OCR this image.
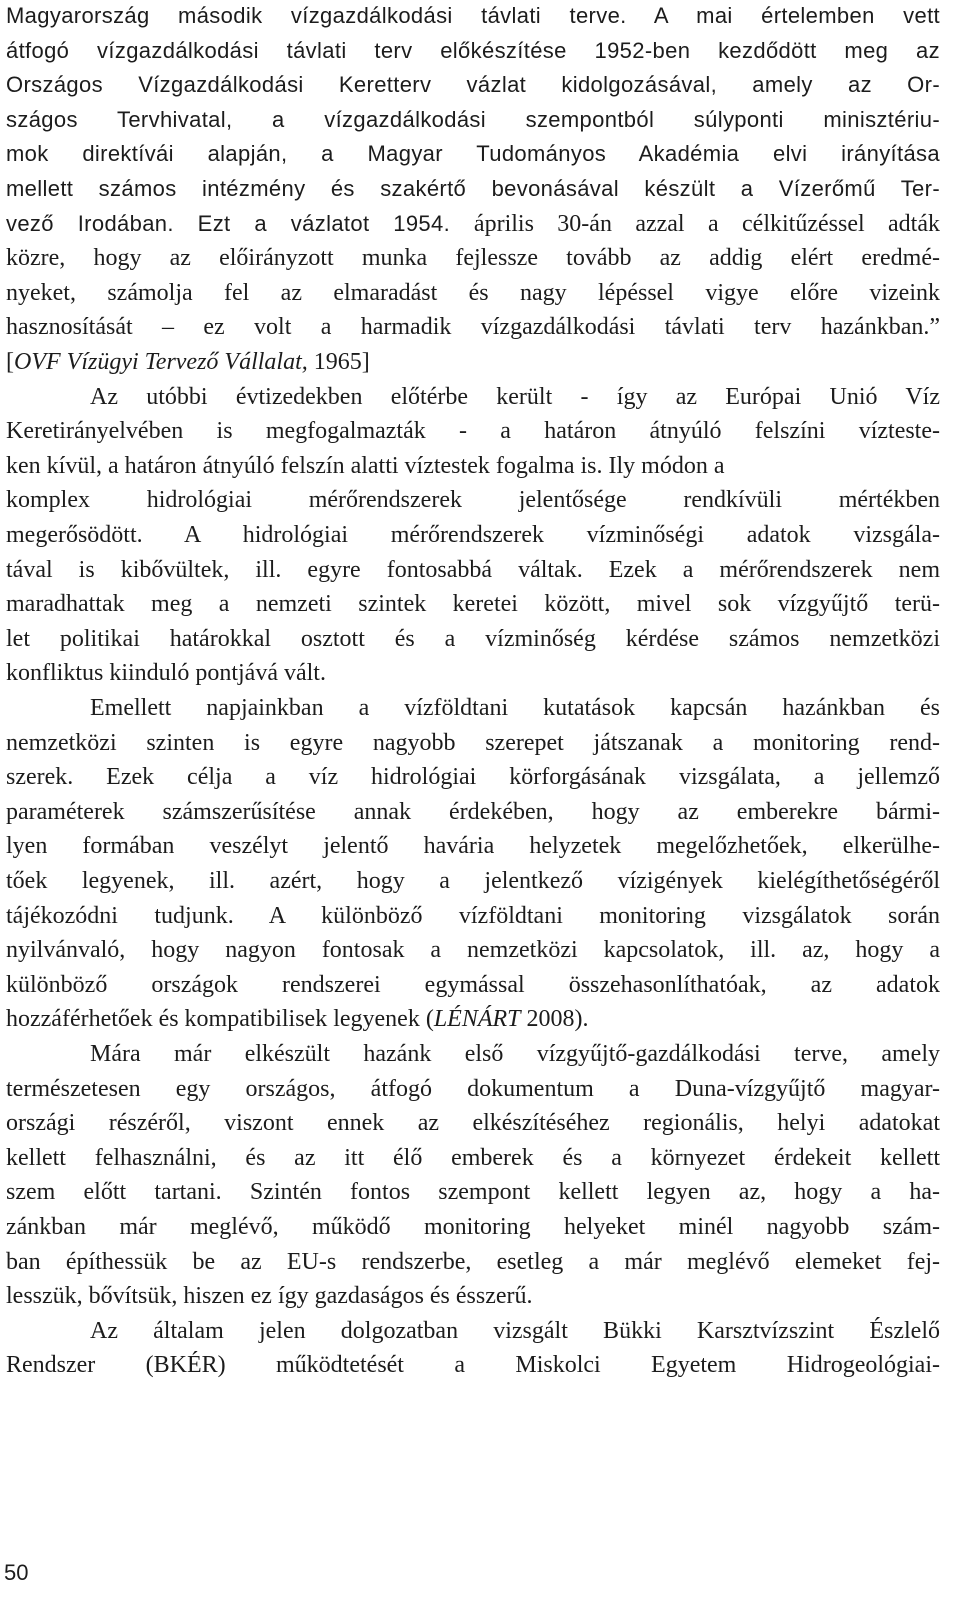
Magyarország második vízgazdálkodási távlati terve. A mai értelemben vett
átfogó vízgazdálkodási távlati terv előkészítése 1952-ben kezdődött meg az
Országos Vízgazdálkodási Keretterv vázlat kidolgozásával, amely az Or-
szágos Tervhivatal, a vízgazdálkodási szempontból súlyponti minisztériu-
mok direktívái alapján, a Magyar Tudományos Akadémia elvi irányítása
mellett számos intézmény és szakértő bevonásával készült a Vízerőmű Ter-
vező Irodában. Ezt a vázlatot 1954. április 30-án azzal a célkitűzéssel adták
közre, hogy az előirányzott munka fejlessze tovább az addig elért eredmé-
nyeket, számolja fel az elmaradást és nagy lépéssel vigye előre vizeink
hasznosítását – ez volt a harmadik vízgazdálkodási távlati terv hazánkban.”
[OVF Vízügyi Tervező Vállalat, 1965]
Az utóbbi évtizedekben előtérbe került - így az Európai Unió Víz
Keretirányelvében is megfogalmazták - a határon átnyúló felszíni vízteste-
ken kívül, a határon átnyúló felszín alatti víztestek fogalma is. Ily módon a
komplex hidrológiai mérőrendszerek jelentősége rendkívüli mértékben
megerősödött. A hidrológiai mérőrendszerek vízminőségi adatok vizsgála-
tával is kibővültek, ill. egyre fontosabbá váltak. Ezek a mérőrendszerek nem
maradhattak meg a nemzeti szintek keretei között, mivel sok vízgyűjtő terü-
let politikai határokkal osztott és a vízminőség kérdése számos nemzetközi
konfliktus kiinduló pontjává vált.
Emellett napjainkban a vízföldtani kutatások kapcsán hazánkban és
nemzetközi szinten is egyre nagyobb szerepet játszanak a monitoring rend-
szerek. Ezek célja a víz hidrológiai körforgásának vizsgálata, a jellemző
paraméterek számszerűsítése annak érdekében, hogy az emberekre bármi-
lyen formában veszélyt jelentő havária helyzetek megelőzhetőek, elkerülhe-
tőek legyenek, ill. azért, hogy a jelentkező vízigények kielégíthetőségéről
tájékozódni tudjunk. A különböző vízföldtani monitoring vizsgálatok során
nyilvánvaló, hogy nagyon fontosak a nemzetközi kapcsolatok, ill. az, hogy a
különböző országok rendszerei egymással összehasonlíthatóak, az adatok
hozzáférhetőek és kompatibilisek legyenek (LÉNÁRT 2008).
Mára már elkészült hazánk első vízgyűjtő-gazdálkodási terve, amely
természetesen egy országos, átfogó dokumentum a Duna-vízgyűjtő magyar-
országi részéről, viszont ennek az elkészítéséhez regionális, helyi adatokat
kellett felhasználni, és az itt élő emberek és a környezet érdekeit kellett
szem előtt tartani. Szintén fontos szempont kellett legyen az, hogy a ha-
zánkban már meglévő, működő monitoring helyeket minél nagyobb szám-
ban építhessük be az EU-s rendszerbe, esetleg a már meglévő elemeket fej-
lesszük, bővítsük, hiszen ez így gazdaságos és ésszerű.
Az általam jelen dolgozatban vizsgált Bükki Karsztvízszint Észlelő
Rendszer (BKÉR) működtetését a Miskolci Egyetem Hidrogeológiai-
50
